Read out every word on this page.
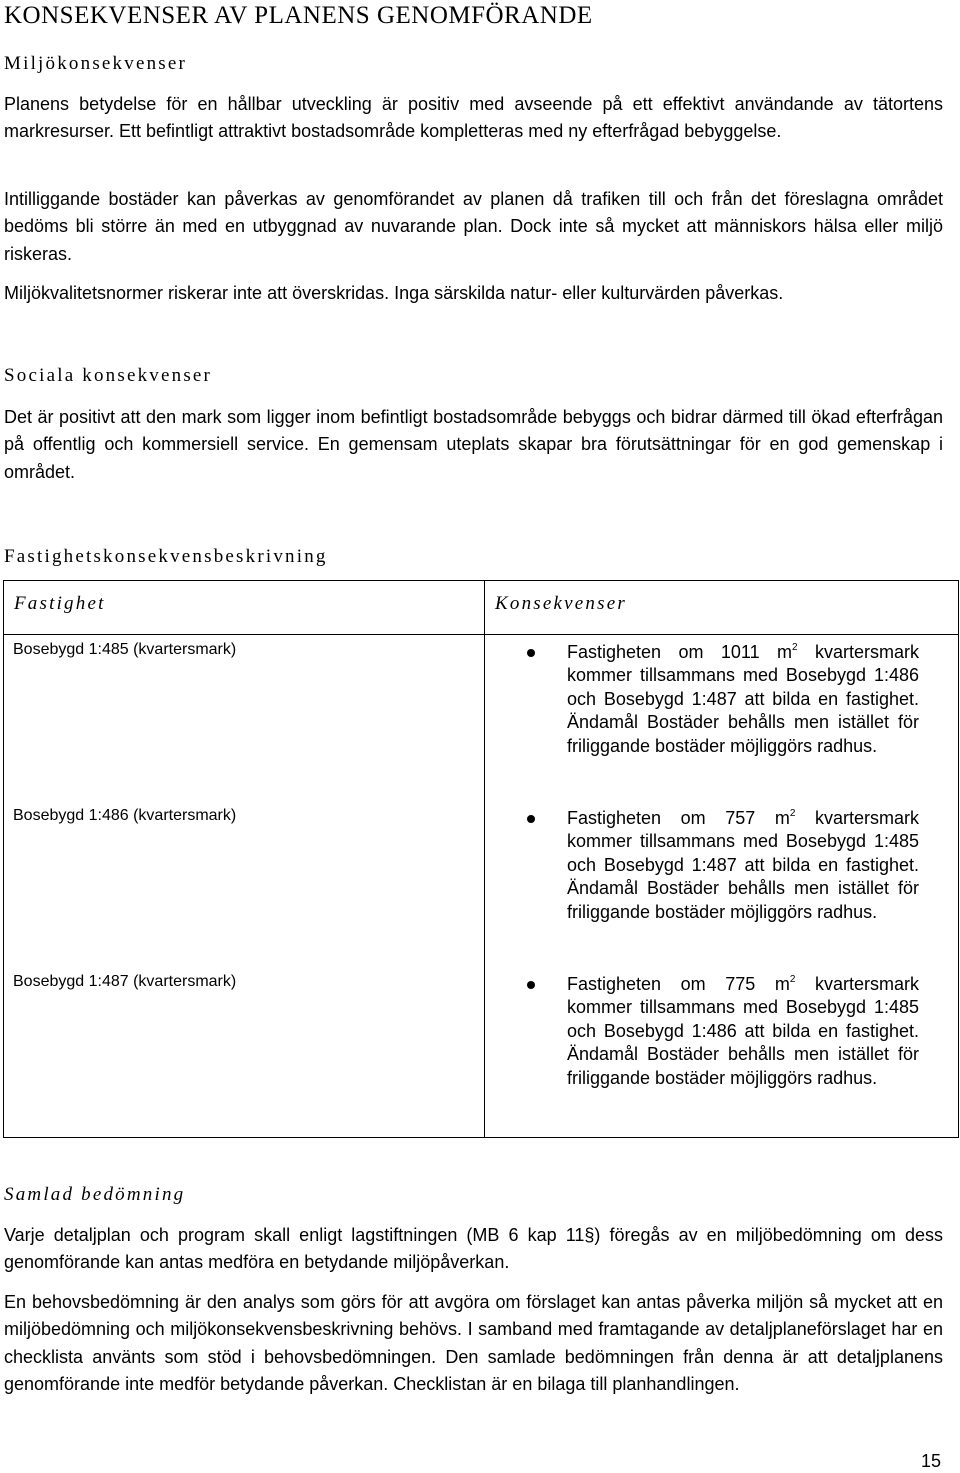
KONSEKVENSER AV PLANENS GENOMFÖRANDE
Miljökonsekvenser

Planens betydelse för en hållbar utveckling är positiv med avseende på ett effektivt användande av tätortens markresurser. Ett befintligt attraktivt bostadsområde kompletteras med ny efterfrågad bebyggelse.

Intilliggande bostäder kan påverkas av genomförandet av planen då trafiken till och från det föreslagna området bedöms bli större än med en utbyggnad av nuvarande plan. Dock inte så mycket att människors hälsa eller miljö riskeras.

Miljökvalitetsnormer riskerar inte att överskridas. Inga särskilda natur- eller kulturvärden påverkas.

Sociala konsekvenser

Det är positivt att den mark som ligger inom befintligt bostadsområde bebyggs och bidrar därmed till ökad efterfrågan på offentlig och kommersiell service. En gemensam uteplats skapar bra förutsättningar för en god gemenskap i området.

Fastighetskonsekvensbeskrivning
Fastighet	Konsekvenser

Bosebygd 1:485 (kvartersmark)	Fastigheten om 1011 $m^2$ kvartersmark kommer tillsammans med Bosebygd 1:486 och Bosebygd 1:487 att bilda en fastighet. Ändamål Bostäder behålls men istället för friliggande bostäder möjliggörs radhus.
Bosebygd 1:486 (kvartersmark)	Fastigheten om 757 $m^2$ kvartersmark kommer tillsammans med Bosebygd 1:485 och Bosebygd 1:487 att bilda en fastighet. Ändamål Bostäder behålls men istället för friliggande bostäder möjliggörs radhus.
Bosebygd 1:487 (kvartersmark)	Fastigheten om 775 $m^2$ kvartersmark kommer tillsammans med Bosebygd 1:485 och Bosebygd 1:486 att bilda en fastighet. Ändamål Bostäder behålls men istället för friliggande bostäder möjliggörs radhus.
Samlad bedömning

Varje detaljplan och program skall enligt lagstiftningen (MB 6 kap 11§) föregås av en miljöbedömning om dess genomförande kan antas medföra en betydande miljöpåverkan.

En behovsbedömning är den analys som görs för att avgöra om förslaget kan antas påverka miljön så mycket att en miljöbedömning och miljökonsekvensbeskrivning behövs. I samband med framtagande av detaljplaneförslaget har en checklista använts som stöd i behovsbedömningen. Den samlade bedömningen från denna är att detaljplanens genomförande inte medför betydande påverkan. Checklistan är en bilaga till planhandlingen.

15
